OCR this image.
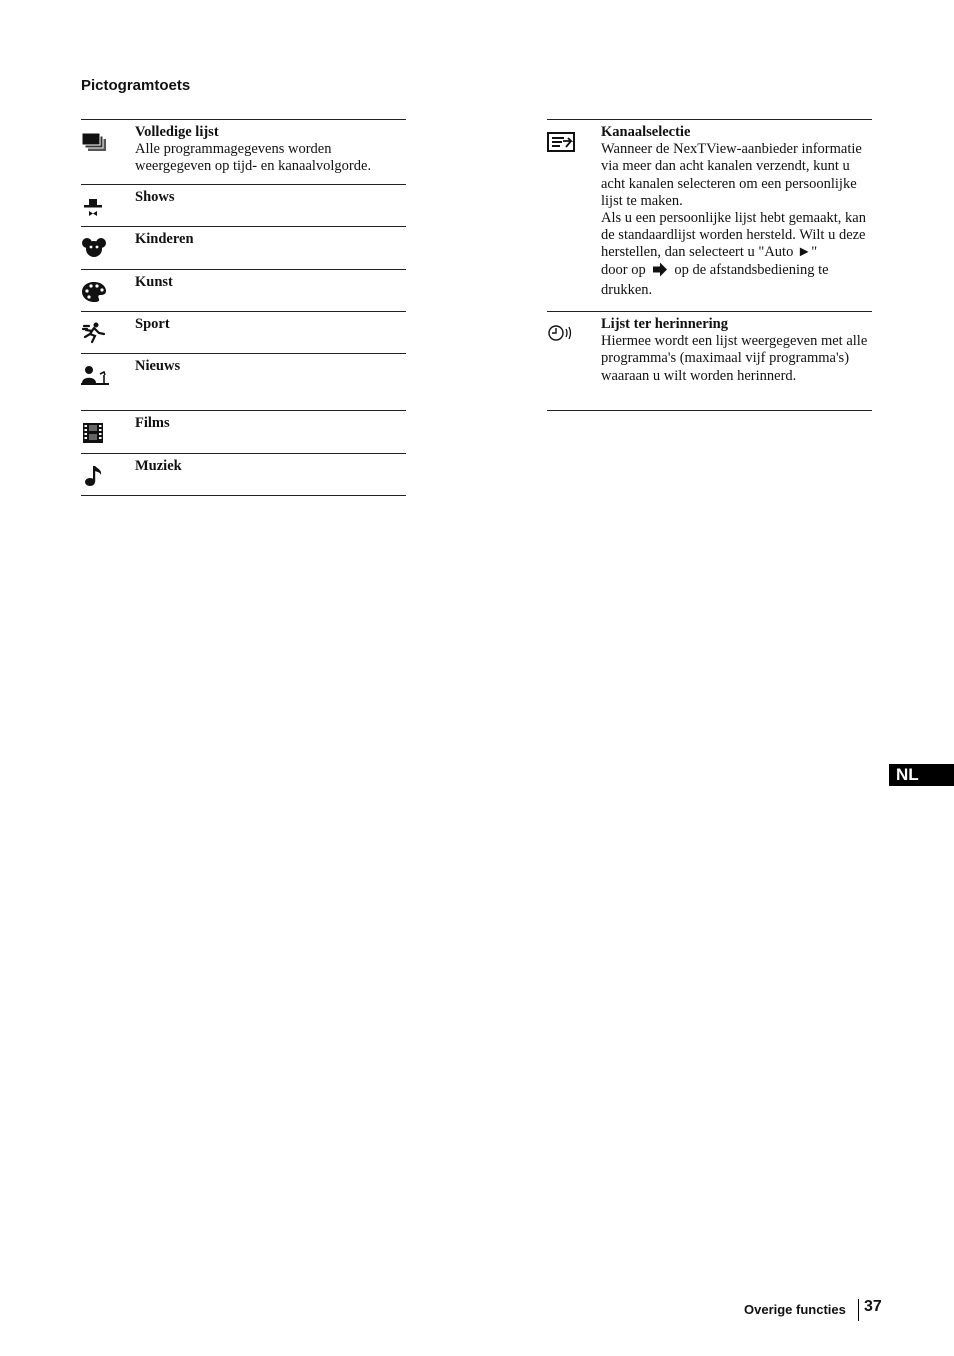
Pictogramtoets
Volledige lijst
Alle programmagegevens worden weergegeven op tijd- en kanaalvolgorde.
Shows
Kinderen
Kunst
Sport
Nieuws
Films
Muziek
Kanaalselectie
Wanneer de NexTView-aanbieder informatie via meer dan acht kanalen verzendt, kunt u acht kanalen selecteren om een persoonlijke lijst te maken.
Als u een persoonlijke lijst hebt gemaakt, kan de standaardlijst worden hersteld. Wilt u deze herstellen, dan selecteert u "Auto ►"
door op op de afstandsbediening te drukken.
Lijst ter herinnering
Hiermee wordt een lijst weergegeven met alle programma's (maximaal vijf programma's) waaraan u wilt worden herinnerd.
NL
Overige functies 37
